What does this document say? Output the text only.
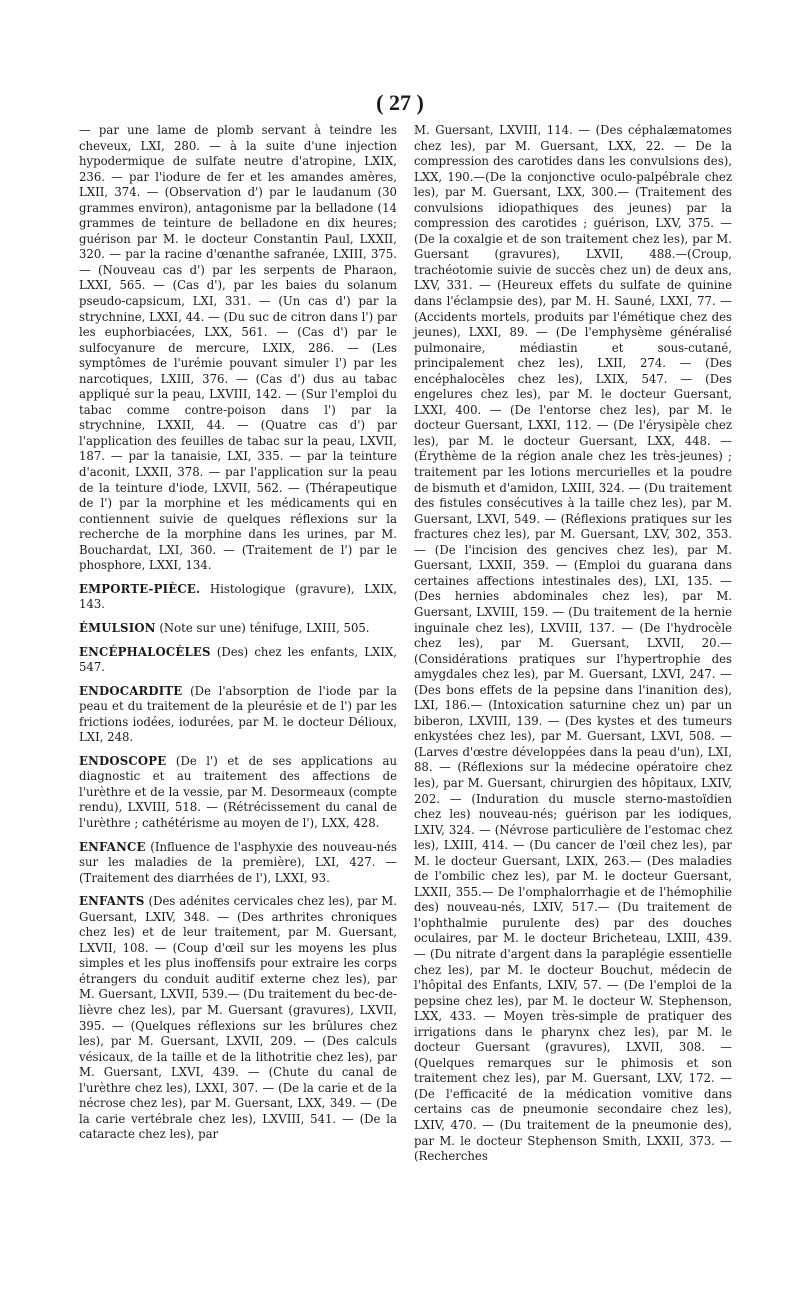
( 27 )

— par une lame de plomb servant à teindre les cheveux, LXI, 280. — à la suite d'une injection hypodermique de sulfate neutre d'atropine, LXIX, 236. — par l'iodure de fer et les amandes amères, LXII, 374. — (Observation d') par le laudanum (30 grammes environ), antagonisme par la belladone (14 grammes de teinture de belladone en dix heures; guérison par M. le docteur Constantin Paul, LXXII, 320. — par la racine d'œnanthe safranée, LXIII, 375. — (Nouveau cas d') par les serpents de Pharaon, LXXI, 565. — (Cas d'), par les baies du solanum pseudo-capsicum, LXI, 331. — (Un cas d') par la strychnine, LXXI, 44. — (Du suc de citron dans l') par les euphorbiacées, LXX, 561. — (Cas d') par le sulfocyanure de mercure, LXIX, 286. — (Les symptômes de l'urémie pouvant simuler l') par les narcotiques, LXIII, 376. — (Cas d') dus au tabac appliqué sur la peau, LXVIII, 142. — (Sur l'emploi du tabac comme contre-poison dans l') par la strychnine, LXXII, 44. — (Quatre cas d') par l'application des feuilles de tabac sur la peau, LXVII, 187. — par la tanaisie, LXI, 335. — par la teinture d'aconit, LXXII, 378. — par l'application sur la peau de la teinture d'iode, LXVII, 562. — (Thérapeutique de l') par la morphine et les médicaments qui en contiennent suivie de quelques réflexions sur la recherche de la morphine dans les urines, par M. Bouchardat, LXI, 360. — (Traitement de l') par le phosphore, LXXI, 134.

EMPORTE-PIÈCE. Histologique (gravure), LXIX, 143.

ÉMULSION (Note sur une) ténifuge, LXIII, 505.

ENCÉPHALOCÈLES (Des) chez les enfants, LXIX, 547.

ENDOCARDITE (De l'absorption de l'iode par la peau et du traitement de la pleurésie et de l') par les frictions iodées, iodurées, par M. le docteur Délioux, LXI, 248.

ENDOSCOPE (De l') et de ses applications au diagnostic et au traitement des affections de l'urèthre et de la vessie, par M. Desormeaux (compte rendu), LXVIII, 518. — (Rétrécissement du canal de l'urèthre ; cathétérisme au moyen de l'), LXX, 428.

ENFANCE (Influence de l'asphyxie des nouveau-nés sur les maladies de la première), LXI, 427. — (Traitement des diarrhées de l'), LXXI, 93.

ENFANTS (Des adénites cervicales chez les), par M. Guersant, LXIV, 348. — (Des arthrites chroniques chez les) et de leur traitement, par M. Guersant, LXVII, 108. — (Coup d'œil sur les moyens les plus simples et les plus inoffensifs pour extraire les corps étrangers du conduit auditif externe chez les), par M. Guersant, LXVII, 539.— (Du traitement du bec-de-lièvre chez les), par M. Guersant (gravures), LXVII, 395. — (Quelques réflexions sur les brûlures chez les), par M. Guersant, LXVII, 209. — (Des calculs vésicaux, de la taille et de la lithotritie chez les), par M. Guersant, LXVI, 439. — (Chute du canal de l'urèthre chez les), LXXI, 307. — (De la carie et de la nécrose chez les), par M. Guersant, LXX, 349. — (De la carie vertébrale chez les), LXVIII, 541. — (De la cataracte chez les), par

M. Guersant, LXVIII, 114. — (Des céphalæmatomes chez les), par M. Guersant, LXX, 22. — De la compression des carotides dans les convulsions des), LXX, 190.—(De la conjonctive oculo-palpébrale chez les), par M. Guersant, LXX, 300.— (Traitement des convulsions idiopathiques des jeunes) par la compression des carotides ; guérison, LXV, 375. — (De la coxalgie et de son traitement chez les), par M. Guersant (gravures), LXVII, 488.—(Croup, trachéotomie suivie de succès chez un) de deux ans, LXV, 331. — (Heureux effets du sulfate de quinine dans l'éclampsie des), par M. H. Sauné, LXXI, 77. — (Accidents mortels, produits par l'émétique chez des jeunes), LXXI, 89. — (De l'emphysème généralisé pulmonaire, médiastin et sous-cutané, principalement chez les), LXII, 274. — (Des encéphalocèles chez les), LXIX, 547. — (Des engelures chez les), par M. le docteur Guersant, LXXI, 400. — (De l'entorse chez les), par M. le docteur Guersant, LXXI, 112. — (De l'érysipèle chez les), par M. le docteur Guersant, LXX, 448. — (Érythème de la région anale chez les très-jeunes) ; traitement par les lotions mercurielles et la poudre de bismuth et d'amidon, LXIII, 324. — (Du traitement des fistules consécutives à la taille chez les), par M. Guersant, LXVI, 549. — (Réflexions pratiques sur les fractures chez les), par M. Guersant, LXV, 302, 353. — (De l'incision des gencives chez les), par M. Guersant, LXXII, 359. — (Emploi du guarana dans certaines affections intestinales des), LXI, 135. — (Des hernies abdominales chez les), par M. Guersant, LXVIII, 159. — (Du traitement de la hernie inguinale chez les), LXVIII, 137. — (De l'hydrocèle chez les), par M. Guersant, LXVII, 20.— (Considérations pratiques sur l'hypertrophie des amygdales chez les), par M. Guersant, LXVI, 247. — (Des bons effets de la pepsine dans l'inanition des), LXI, 186.— (Intoxication saturnine chez un) par un biberon, LXVIII, 139. — (Des kystes et des tumeurs enkystées chez les), par M. Guersant, LXVI, 508. — (Larves d'œstre développées dans la peau d'un), LXI, 88. — (Réflexions sur la médecine opératoire chez les), par M. Guersant, chirurgien des hôpitaux, LXIV, 202. — (Induration du muscle sterno-mastoïdien chez les) nouveau-nés; guérison par les iodiques, LXIV, 324. — (Névrose particulière de l'estomac chez les), LXIII, 414. — (Du cancer de l'œil chez les), par M. le docteur Guersant, LXIX, 263.— (Des maladies de l'ombilic chez les), par M. le docteur Guersant, LXXII, 355.— De l'omphalorrhagie et de l'hémophilie des) nouveau-nés, LXIV, 517.— (Du traitement de l'ophthalmie purulente des) par des douches oculaires, par M. le docteur Bricheteau, LXIII, 439. — (Du nitrate d'argent dans la paraplégie essentielle chez les), par M. le docteur Bouchut, médecin de l'hôpital des Enfants, LXIV, 57. — (De l'emploi de la pepsine chez les), par M. le docteur W. Stephenson, LXX, 433. — Moyen très-simple de pratiquer des irrigations dans le pharynx chez les), par M. le docteur Guersant (gravures), LXVII, 308. — (Quelques remarques sur le phimosis et son traitement chez les), par M. Guersant, LXV, 172. — (De l'efficacité de la médication vomitive dans certains cas de pneumonie secondaire chez les), LXIV, 470. — (Du traitement de la pneumonie des), par M. le docteur Stephenson Smith, LXXII, 373. — (Recherches
